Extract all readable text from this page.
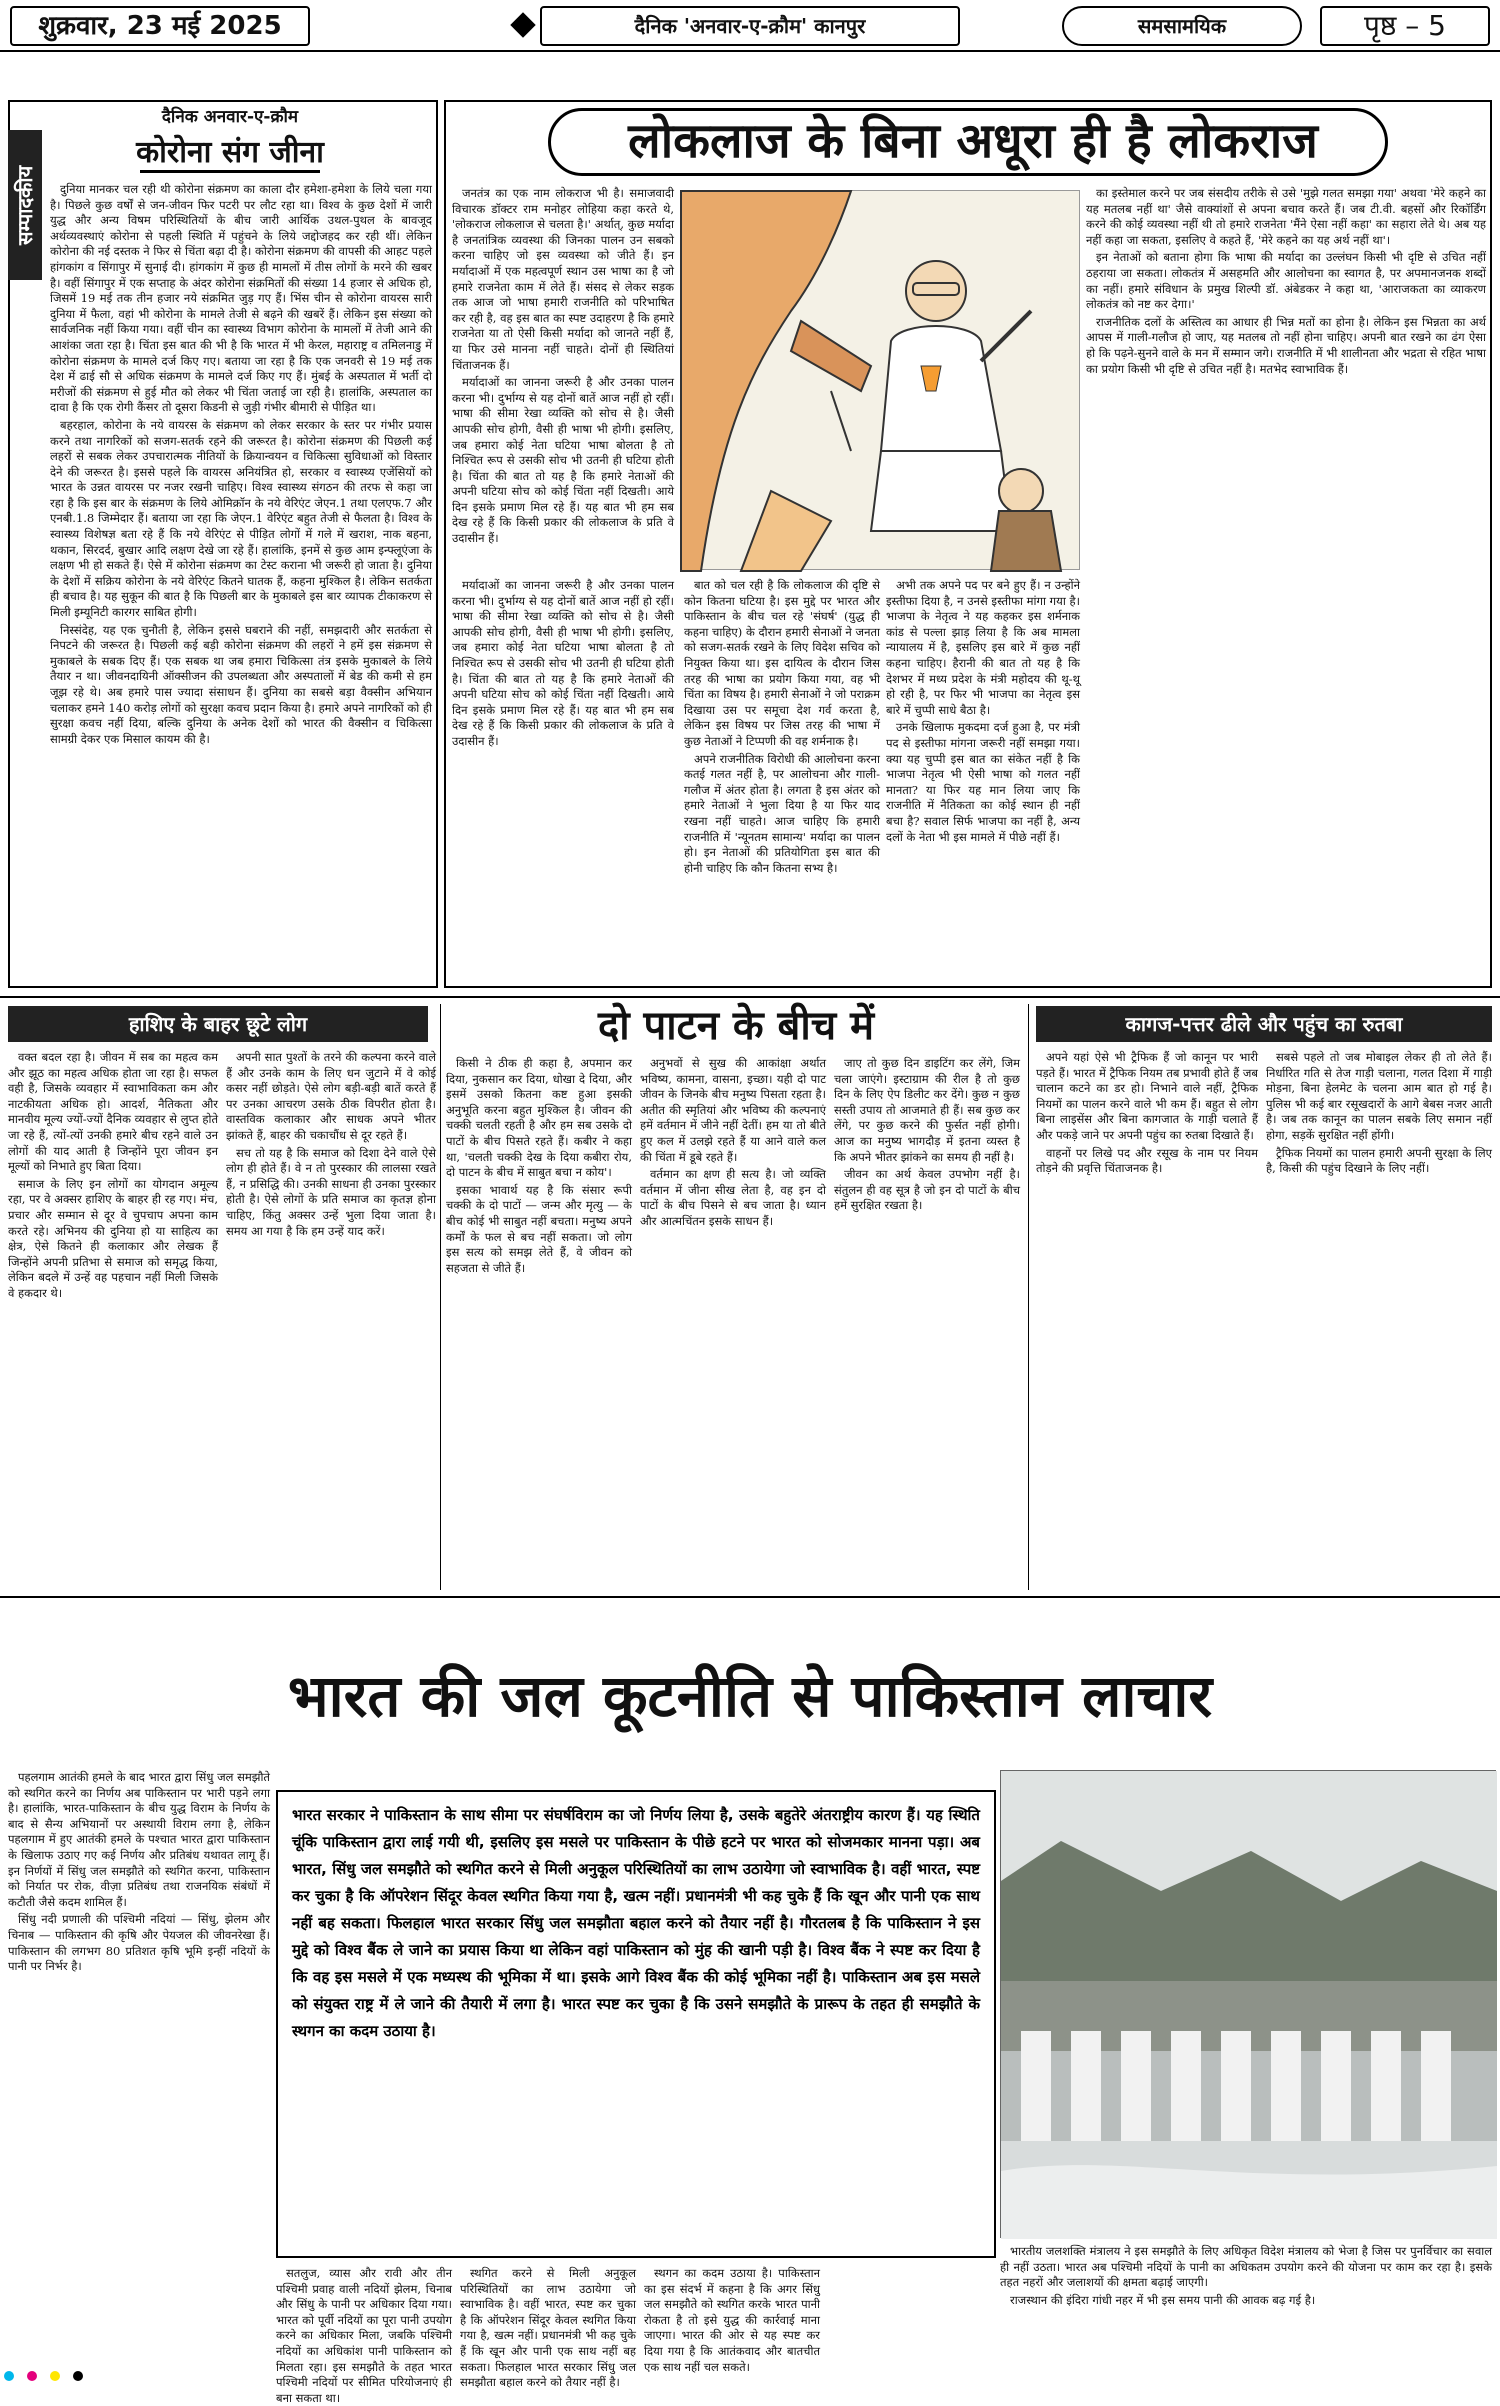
शुक्रवार, 23 मई 2025	दैनिक 'अनवार-ए-क्रौम' कानपुर	समसामयिक	पृष्ठ – 5
सम्पादकीय
दैनिक अनवार-ए-क्रौम
कोरोना संग जीना

दुनिया मानकर चल रही थी कोरोना संक्रमण का काला दौर हमेशा-हमेशा के लिये चला गया है। पिछले कुछ वर्षों से जन-जीवन फिर पटरी पर लौट रहा था। विश्व के कुछ देशों में जारी युद्ध और अन्य विषम परिस्थितियों के बीच जारी आर्थिक उथल-पुथल के बावजूद अर्थव्यवस्थाएं कोरोना से पहली स्थिति में पहुंचने के लिये जद्दोजहद कर रही थीं। लेकिन कोरोना की नई दस्तक ने फिर से चिंता बढ़ा दी है। कोरोना संक्रमण की वापसी की आहट पहले हांगकांग व सिंगापुर में सुनाई दी। हांगकांग में कुछ ही मामलों में तीस लोगों के मरने की खबर है। वहीं सिंगापुर में एक सप्ताह के अंदर कोरोना संक्रमितों की संख्या 14 हजार से अधिक हो, जिसमें 19 मई तक तीन हजार नये संक्रमित जुड़ गए हैं। भिंस चीन से कोरोना वायरस सारी दुनिया में फैला, वहां भी कोरोना के मामले तेजी से बढ़ने की खबरें हैं। लेकिन इस संख्या को सार्वजनिक नहीं किया गया। वहीं चीन का स्वास्थ्य विभाग कोरोना के मामलों में तेजी आने की आशंका जता रहा है। चिंता इस बात की भी है कि भारत में भी केरल, महाराष्ट्र व तमिलनाडु में कोरोना संक्रमण के मामले दर्ज किए गए। बताया जा रहा है कि एक जनवरी से 19 मई तक देश में ढाई सौ से अधिक संक्रमण के मामले दर्ज किए गए हैं। मुंबई के अस्पताल में भर्ती दो मरीजों की संक्रमण से हुई मौत को लेकर भी चिंता जताई जा रही है। हालांकि, अस्पताल का दावा है कि एक रोगी कैंसर तो दूसरा किडनी से जुड़ी गंभीर बीमारी से पीड़ित था।

बहरहाल, कोरोना के नये वायरस के संक्रमण को लेकर सरकार के स्तर पर गंभीर प्रयास करने तथा नागरिकों को सजग-सतर्क रहने की जरूरत है। कोरोना संक्रमण की पिछली कई लहरों से सबक लेकर उपचारात्मक नीतियों के क्रियान्वयन व चिकित्सा सुविधाओं को विस्तार देने की जरूरत है। इससे पहले कि वायरस अनियंत्रित हो, सरकार व स्वास्थ्य एजेंसियों को भारत के उन्नत वायरस पर नजर रखनी चाहिए। विश्व स्वास्थ्य संगठन की तरफ से कहा जा रहा है कि इस बार के संक्रमण के लिये ओमिक्रॉन के नये वेरिएंट जेएन.1 तथा एलएफ.7 और एनबी.1.8 जिम्मेदार हैं। बताया जा रहा कि जेएन.1 वेरिएंट बहुत तेजी से फैलता है। विश्व के स्वास्थ्य विशेषज्ञ बता रहे हैं कि नये वेरिएंट से पीड़ित लोगों में गले में खराश, नाक बहना, थकान, सिरदर्द, बुखार आदि लक्षण देखे जा रहे हैं। हालांकि, इनमें से कुछ आम इन्फ्लूएंजा के लक्षण भी हो सकते हैं। ऐसे में कोरोना संक्रमण का टेस्ट कराना भी जरूरी हो जाता है। दुनिया के देशों में सक्रिय कोरोना के नये वेरिएंट कितने घातक हैं, कहना मुश्किल है। लेकिन सतर्कता ही बचाव है। यह सुकून की बात है कि पिछली बार के मुकाबले इस बार व्यापक टीकाकरण से मिली इम्यूनिटी कारगर साबित होगी।

निस्संदेह, यह एक चुनौती है, लेकिन इससे घबराने की नहीं, समझदारी और सतर्कता से निपटने की जरूरत है। पिछली कई बड़ी कोरोना संक्रमण की लहरों ने हमें इस संक्रमण से मुकाबले के सबक दिए हैं। एक सबक था जब हमारा चिकित्सा तंत्र इसके मुकाबले के लिये तैयार न था। जीवनदायिनी ऑक्सीजन की उपलब्धता और अस्पतालों में बेड की कमी से हम जूझ रहे थे। अब हमारे पास ज्यादा संसाधन हैं। दुनिया का सबसे बड़ा वैक्सीन अभियान चलाकर हमने 140 करोड़ लोगों को सुरक्षा कवच प्रदान किया है। हमारे अपने नागरिकों को ही सुरक्षा कवच नहीं दिया, बल्कि दुनिया के अनेक देशों को भारत की वैक्सीन व चिकित्सा सामग्री देकर एक मिसाल कायम की है।

लोकलाज के बिना अधूरा ही है लोकराज

जनतंत्र का एक नाम लोकराज भी है। समाजवादी विचारक डॉक्टर राम मनोहर लोहिया कहा करते थे, 'लोकराज लोकलाज से चलता है।' अर्थात्‌, कुछ मर्यादा है जनतांत्रिक व्यवस्था की जिनका पालन उन सबको करना चाहिए जो इस व्यवस्था को जीते हैं। इन मर्यादाओं में एक महत्वपूर्ण स्थान उस भाषा का है जो हमारे राजनेता काम में लेते हैं। संसद से लेकर सड़क तक आज जो भाषा हमारी राजनीति को परिभाषित कर रही है, वह इस बात का स्पष्ट उदाहरण है कि हमारे राजनेता या तो ऐसी किसी मर्यादा को जानते नहीं हैं, या फिर उसे मानना नहीं चाहते। दोनों ही स्थितियां चिंताजनक हैं।

मर्यादाओं का जानना जरूरी है और उनका पालन करना भी। दुर्भाग्य से यह दोनों बातें आज नहीं हो रहीं। भाषा की सीमा रेखा व्यक्ति को सोच से है। जैसी आपकी सोच होगी, वैसी ही भाषा भी होगी। इसलिए, जब हमारा कोई नेता घटिया भाषा बोलता है तो निश्चित रूप से उसकी सोच भी उतनी ही घटिया होती है। चिंता की बात तो यह है कि हमारे नेताओं की अपनी घटिया सोच को कोई चिंता नहीं दिखती। आये दिन इसके प्रमाण मिल रहे हैं। यह बात भी हम सब देख रहे हैं कि किसी प्रकार की लोकलाज के प्रति वे उदासीन हैं।

का इस्तेमाल करने पर जब संसदीय तरीके से उसे 'मुझे गलत समझा गया' अथवा 'मेरे कहने का यह मतलब नहीं था' जैसे वाक्यांशों से अपना बचाव करते हैं। जब टी.वी. बहसों और रिकॉर्डिंग करने की कोई व्यवस्था नहीं थी तो हमारे राजनेता 'मैंने ऐसा नहीं कहा' का सहारा लेते थे। अब यह नहीं कहा जा सकता, इसलिए वे कहते हैं, 'मेरे कहने का यह अर्थ नहीं था'।

इन नेताओं को बताना होगा कि भाषा की मर्यादा का उल्लंघन किसी भी दृष्टि से उचित नहीं ठहराया जा सकता। लोकतंत्र में असहमति और आलोचना का स्वागत है, पर अपमानजनक शब्दों का नहीं। हमारे संविधान के प्रमुख शिल्पी डॉ. अंबेडकर ने कहा था, 'आराजकता का व्याकरण लोकतंत्र को नष्ट कर देगा।'

राजनीतिक दलों के अस्तित्व का आधार ही भिन्न मतों का होना है। लेकिन इस भिन्नता का अर्थ आपस में गाली-गलौज हो जाए, यह मतलब तो नहीं होना चाहिए। अपनी बात रखने का ढंग ऐसा हो कि पढ़ने-सुनने वाले के मन में सम्मान जगे। राजनीति में भी शालीनता और भद्रता से रहित भाषा का प्रयोग किसी भी दृष्टि से उचित नहीं है। मतभेद स्वाभाविक हैं।

मर्यादाओं का जानना जरूरी है और उनका पालन करना भी। दुर्भाग्य से यह दोनों बातें आज नहीं हो रहीं। भाषा की सीमा रेखा व्यक्ति को सोच से है। जैसी आपकी सोच होगी, वैसी ही भाषा भी होगी। इसलिए, जब हमारा कोई नेता घटिया भाषा बोलता है तो निश्चित रूप से उसकी सोच भी उतनी ही घटिया होती है। चिंता की बात तो यह है कि हमारे नेताओं की अपनी घटिया सोच को कोई चिंता नहीं दिखती। आये दिन इसके प्रमाण मिल रहे हैं। यह बात भी हम सब देख रहे हैं कि किसी प्रकार की लोकलाज के प्रति वे उदासीन हैं।

बात को चल रही है कि लोकलाज की दृष्टि से कोन कितना घटिया है। इस मुद्दे पर भारत और पाकिस्तान के बीच चल रहे 'संघर्ष' (युद्ध ही कहना चाहिए) के दौरान हमारी सेनाओं ने जनता को सजग-सतर्क रखने के लिए विदेश सचिव को नियुक्त किया था। इस दायित्व के दौरान जिस तरह की भाषा का प्रयोग किया गया, वह भी चिंता का विषय है। हमारी सेनाओं ने जो पराक्रम दिखाया उस पर समूचा देश गर्व करता है, लेकिन इस विषय पर जिस तरह की भाषा में कुछ नेताओं ने टिप्पणी की वह शर्मनाक है।

अपने राजनीतिक विरोधी की आलोचना करना कतई गलत नहीं है, पर आलोचना और गाली-गलौज में अंतर होता है। लगता है इस अंतर को हमारे नेताओं ने भुला दिया है या फिर याद रखना नहीं चाहते। आज चाहिए कि हमारी राजनीति में 'न्यूनतम सामान्य' मर्यादा का पालन हो। इन नेताओं की प्रतियोगिता इस बात की होनी चाहिए कि कौन कितना सभ्य है।

अभी तक अपने पद पर बने हुए हैं। न उन्होंने इस्तीफा दिया है, न उनसे इस्तीफा मांगा गया है। भाजपा के नेतृत्व ने यह कहकर इस शर्मनाक कांड से पल्ला झाड़ लिया है कि अब मामला न्यायालय में है, इसलिए इस बारे में कुछ नहीं कहना चाहिए। हैरानी की बात तो यह है कि देशभर में मध्य प्रदेश के मंत्री महोदय की थू-थू हो रही है, पर फिर भी भाजपा का नेतृत्व इस बारे में चुप्पी साधे बैठा है।

उनके खिलाफ मुकदमा दर्ज हुआ है, पर मंत्री पद से इस्तीफा मांगना जरूरी नहीं समझा गया। क्या यह चुप्पी इस बात का संकेत नहीं है कि भाजपा नेतृत्व भी ऐसी भाषा को गलत नहीं मानता? या फिर यह मान लिया जाए कि राजनीति में नैतिकता का कोई स्थान ही नहीं बचा है? सवाल सिर्फ भाजपा का नहीं है, अन्य दलों के नेता भी इस मामले में पीछे नहीं हैं।

हाशिए के बाहर छूटे लोग

वक्त बदल रहा है। जीवन में सब का महत्व कम और झूठ का महत्व अधिक होता जा रहा है। सफल वही है, जिसके व्यवहार में स्वाभाविकता कम और नाटकीयता अधिक हो। आदर्श, नैतिकता और मानवीय मूल्य ज्यों-ज्यों दैनिक व्यवहार से लुप्त होते जा रहे हैं, त्यों-त्यों उनकी हमारे बीच रहने वाले उन लोगों की याद आती है जिन्होंने पूरा जीवन इन मूल्यों को निभाते हुए बिता दिया।

समाज के लिए इन लोगों का योगदान अमूल्य रहा, पर वे अक्सर हाशिए के बाहर ही रह गए। मंच, प्रचार और सम्मान से दूर वे चुपचाप अपना काम करते रहे। अभिनय की दुनिया हो या साहित्य का क्षेत्र, ऐसे कितने ही कलाकार और लेखक हैं जिन्होंने अपनी प्रतिभा से समाज को समृद्ध किया, लेकिन बदले में उन्हें वह पहचान नहीं मिली जिसके वे हकदार थे।

अपनी सात पुश्तों के तरने की कल्पना करने वाले हैं और उनके काम के लिए धन जुटाने में वे कोई कसर नहीं छोड़ते। ऐसे लोग बड़ी-बड़ी बातें करते हैं पर उनका आचरण उसके ठीक विपरीत होता है। वास्तविक कलाकार और साधक अपने भीतर झांकते हैं, बाहर की चकाचौंध से दूर रहते हैं।

सच तो यह है कि समाज को दिशा देने वाले ऐसे लोग ही होते हैं। वे न तो पुरस्कार की लालसा रखते हैं, न प्रसिद्धि की। उनकी साधना ही उनका पुरस्कार होती है। ऐसे लोगों के प्रति समाज का कृतज्ञ होना चाहिए, किंतु अक्सर उन्हें भुला दिया जाता है। समय आ गया है कि हम उन्हें याद करें।

दो पाटन के बीच में

किसी ने ठीक ही कहा है, अपमान कर दिया, नुकसान कर दिया, धोखा दे दिया, और इसमें उसको कितना कष्ट हुआ इसकी अनुभूति करना बहुत मुश्किल है। जीवन की चक्की चलती रहती है और हम सब उसके दो पाटों के बीच पिसते रहते हैं। कबीर ने कहा था, 'चलती चक्की देख के दिया कबीरा रोय, दो पाटन के बीच में साबुत बचा न कोय'।

इसका भावार्थ यह है कि संसार रूपी चक्की के दो पाटों — जन्म और मृत्यु — के बीच कोई भी साबुत नहीं बचता। मनुष्य अपने कर्मों के फल से बच नहीं सकता। जो लोग इस सत्य को समझ लेते हैं, वे जीवन को सहजता से जीते हैं।

अनुभवों से सुख की आकांक्षा अर्थात भविष्य, कामना, वासना, इच्छा। यही दो पाट जीवन के जिनके बीच मनुष्य पिसता रहता है। अतीत की स्मृतियां और भविष्य की कल्पनाएं हमें वर्तमान में जीने नहीं देतीं। हम या तो बीते हुए कल में उलझे रहते हैं या आने वाले कल की चिंता में डूबे रहते हैं।

वर्तमान का क्षण ही सत्य है। जो व्यक्ति वर्तमान में जीना सीख लेता है, वह इन दो पाटों के बीच पिसने से बच जाता है। ध्यान और आत्मचिंतन इसके साधन हैं।

जाए तो कुछ दिन डाइटिंग कर लेंगे, जिम चला जाएंगे। इस्टाग्राम की रील है तो कुछ दिन के लिए ऐप डिलीट कर देंगे। कुछ न कुछ सस्ती उपाय तो आजमाते ही हैं। सब कुछ कर लेंगे, पर कुछ करने की फुर्सत नहीं होगी। आज का मनुष्य भागदौड़ में इतना व्यस्त है कि अपने भीतर झांकने का समय ही नहीं है।

जीवन का अर्थ केवल उपभोग नहीं है। संतुलन ही वह सूत्र है जो इन दो पाटों के बीच हमें सुरक्षित रखता है।

कागज-पत्तर ढीले और पहुंच का रुतबा

अपने यहां ऐसे भी ट्रैफिक हैं जो कानून पर भारी पड़ते हैं। भारत में ट्रैफिक नियम तब प्रभावी होते हैं जब चालान कटने का डर हो। निभाने वाले नहीं, ट्रैफिक नियमों का पालन करने वाले भी कम हैं। बहुत से लोग बिना लाइसेंस और बिना कागजात के गाड़ी चलाते हैं और पकड़े जाने पर अपनी पहुंच का रुतबा दिखाते हैं।

वाहनों पर लिखे पद और रसूख के नाम पर नियम तोड़ने की प्रवृत्ति चिंताजनक है।

सबसे पहले तो जब मोबाइल लेकर ही तो लेते हैं। निर्धारित गति से तेज गाड़ी चलाना, गलत दिशा में गाड़ी मोड़ना, बिना हेलमेट के चलना आम बात हो गई है। पुलिस भी कई बार रसूखदारों के आगे बेबस नजर आती है। जब तक कानून का पालन सबके लिए समान नहीं होगा, सड़कें सुरक्षित नहीं होंगी।

ट्रैफिक नियमों का पालन हमारी अपनी सुरक्षा के लिए है, किसी की पहुंच दिखाने के लिए नहीं।

भारत की जल कूटनीति से पाकिस्तान लाचार

पहलगाम आतंकी हमले के बाद भारत द्वारा सिंधु जल समझौते को स्थगित करने का निर्णय अब पाकिस्तान पर भारी पड़ने लगा है। हालांकि, भारत-पाकिस्तान के बीच युद्ध विराम के निर्णय के बाद से सैन्य अभियानों पर अस्थायी विराम लगा है, लेकिन पहलगाम में हुए आतंकी हमले के पश्चात भारत द्वारा पाकिस्तान के खिलाफ उठाए गए कई निर्णय और प्रतिबंध यथावत लागू हैं। इन निर्णयों में सिंधु जल समझौते को स्थगित करना, पाकिस्तान को निर्यात पर रोक, वीज़ा प्रतिबंध तथा राजनयिक संबंधों में कटौती जैसे कदम शामिल हैं।

सिंधु नदी प्रणाली की पश्चिमी नदियां — सिंधु, झेलम और चिनाब — पाकिस्तान की कृषि और पेयजल की जीवनरेखा हैं। पाकिस्तान की लगभग 80 प्रतिशत कृषि भूमि इन्हीं नदियों के पानी पर निर्भर है।

भारत सरकार ने पाकिस्तान के साथ सीमा पर संघर्षविराम का जो निर्णय लिया है, उसके बहुतेरे अंतराष्ट्रीय कारण हैं। यह स्थिति चूंकि पाकिस्तान द्वारा लाई गयी थी, इसलिए इस मसले पर पाकिस्तान के पीछे हटने पर भारत को सोजमकार मानना पड़ा। अब भारत, सिंधु जल समझौते को स्थगित करने से मिली अनुकूल परिस्थितियों का लाभ उठायेगा जो स्वाभाविक है। वहीं भारत, स्पष्ट कर चुका है कि ऑपरेशन सिंदूर केवल स्थगित किया गया है, खत्म नहीं। प्रधानमंत्री भी कह चुके हैं कि खून और पानी एक साथ नहीं बह सकता। फिलहाल भारत सरकार सिंधु जल समझौता बहाल करने को तैयार नहीं है। गौरतलब है कि पाकिस्तान ने इस मुद्दे को विश्व बैंक ले जाने का प्रयास किया था लेकिन वहां पाकिस्तान को मुंह की खानी पड़ी है। विश्व बैंक ने स्पष्ट कर दिया है कि वह इस मसले में एक मध्यस्थ की भूमिका में था। इसके आगे विश्व बैंक की कोई भूमिका नहीं है। पाकिस्तान अब इस मसले को संयुक्त राष्ट्र में ले जाने की तैयारी में लगा है। भारत स्पष्ट कर चुका है कि उसने समझौते के प्रारूप के तहत ही समझौते के स्थगन का कदम उठाया है।

सतलुज, व्यास और रावी और तीन पश्चिमी प्रवाह वाली नदियों झेलम, चिनाब और सिंधु के पानी पर अधिकार दिया गया। भारत को पूर्वी नदियों का पूरा पानी उपयोग करने का अधिकार मिला, जबकि पश्चिमी नदियों का अधिकांश पानी पाकिस्तान को मिलता रहा। इस समझौते के तहत भारत पश्चिमी नदियों पर सीमित परियोजनाएं ही बना सकता था।

स्थगित करने से मिली अनुकूल परिस्थितियों का लाभ उठायेगा जो स्वाभाविक है। वहीं भारत, स्पष्ट कर चुका है कि ऑपरेशन सिंदूर केवल स्थगित किया गया है, खत्म नहीं। प्रधानमंत्री भी कह चुके हैं कि खून और पानी एक साथ नहीं बह सकता। फिलहाल भारत सरकार सिंधु जल समझौता बहाल करने को तैयार नहीं है।

स्थगन का कदम उठाया है। पाकिस्तान का इस संदर्भ में कहना है कि अगर सिंधु जल समझौते को स्थगित करके भारत पानी रोकता है तो इसे युद्ध की कार्रवाई माना जाएगा। भारत की ओर से यह स्पष्ट कर दिया गया है कि आतंकवाद और बातचीत एक साथ नहीं चल सकते।

भारतीय जलशक्ति मंत्रालय ने इस समझौते के लिए अधिकृत विदेश मंत्रालय को भेजा है जिस पर पुनर्विचार का सवाल ही नहीं उठता। भारत अब पश्चिमी नदियों के पानी का अधिकतम उपयोग करने की योजना पर काम कर रहा है। इसके तहत नहरों और जलाशयों की क्षमता बढ़ाई जाएगी।

राजस्थान की इंदिरा गांधी नहर में भी इस समय पानी की आवक बढ़ गई है।
